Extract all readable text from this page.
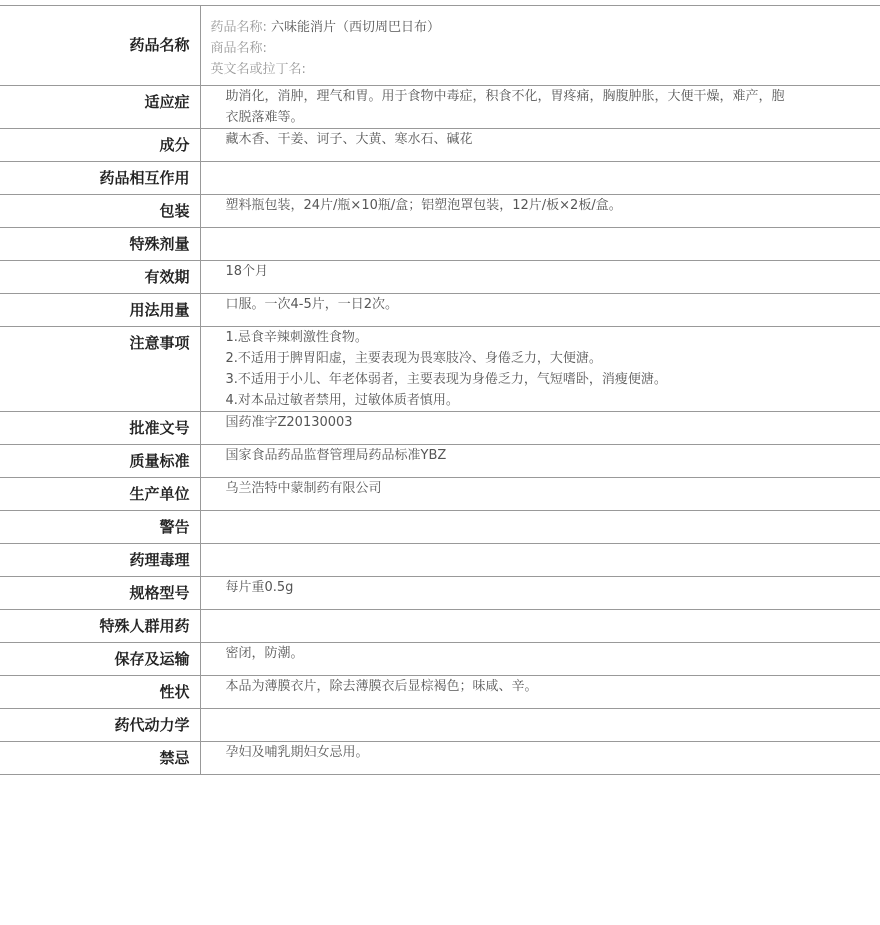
药品名称	药品名称: 六味能消片（西切周巴日布）
商品名称:
英文名或拉丁名:

适应症	助消化，消肿，理气和胃。用于食物中毒症，积食不化，胃疼痛，胸腹肿胀，大便干燥，难产，胞衣脱落难等。
成分	藏木香、干姜、诃子、大黄、寒水石、碱花
药品相互作用	
包装	塑料瓶包装，24片/瓶×10瓶/盒；铝塑泡罩包装，12片/板×2板/盒。
特殊剂量	
有效期	18个月
用法用量	口服。一次4-5片，一日2次。
注意事项	1.忌食辛辣刺激性食物。
2.不适用于脾胃阳虚，主要表现为畏寒肢冷、身倦乏力，大便溏。
3.不适用于小儿、年老体弱者，主要表现为身倦乏力，气短嗜卧，消瘦便溏。
4.对本品过敏者禁用，过敏体质者慎用。

批准文号	国药准字Z20130003
质量标准	国家食品药品监督管理局药品标准YBZ
生产单位	乌兰浩特中蒙制药有限公司
警告	
药理毒理	
规格型号	每片重0.5g
特殊人群用药	
保存及运输	密闭，防潮。
性状	本品为薄膜衣片，除去薄膜衣后显棕褐色；味咸、辛。
药代动力学	
禁忌	孕妇及哺乳期妇女忌用。
